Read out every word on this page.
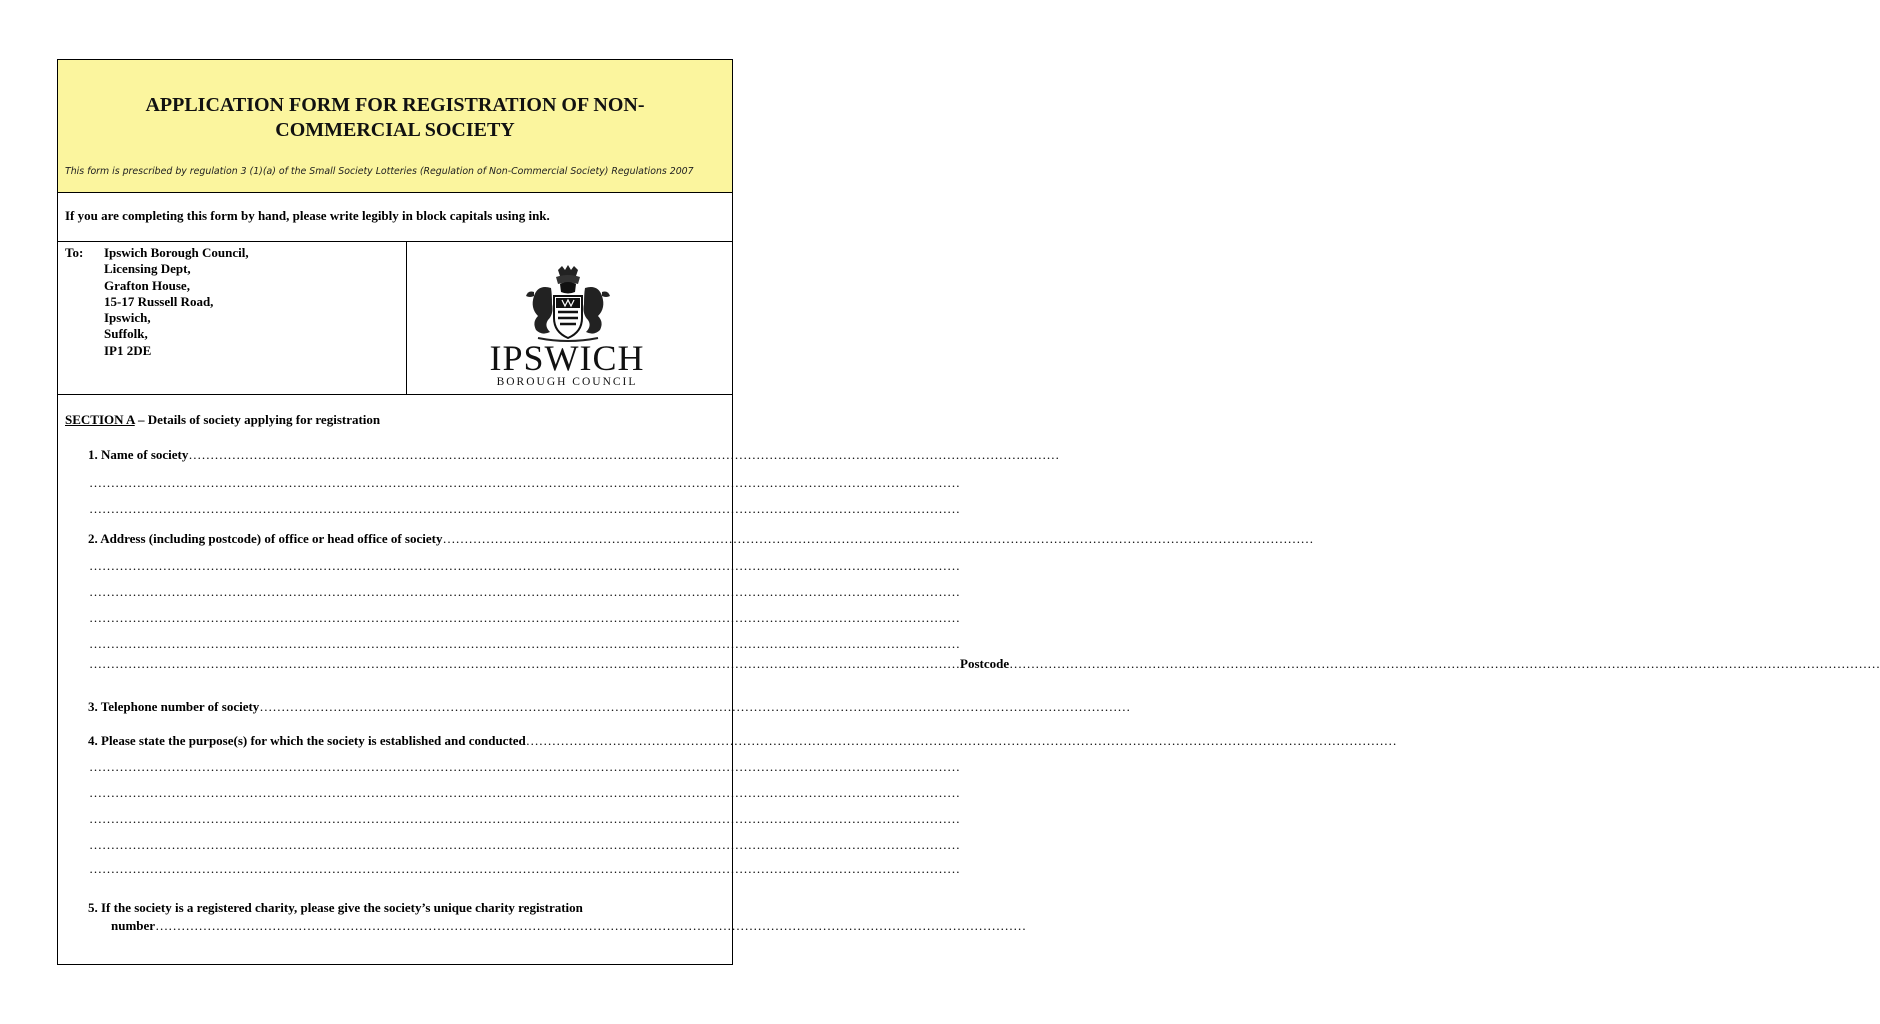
APPLICATION FORM FOR REGISTRATION OF NON-COMMERCIAL SOCIETY
This form is prescribed by regulation 3 (1)(a) of the Small Society Lotteries (Regulation of Non-Commercial Society) Regulations 2007
If you are completing this form by hand, please write legibly in block capitals using ink.
To: Ipswich Borough Council,
Licensing Dept,
Grafton House,
15-17 Russell Road,
Ipswich,
Suffolk,
IP1 2DE	IPSWICH
BOROUGH COUNCIL
SECTION A – Details of society applying for registration
1. Name of society …………………………………………………………………………………………………………………………………………………………………………………
…………………………………………………………………………………………………………………………………………………………………………………
…………………………………………………………………………………………………………………………………………………………………………………
2. Address (including postcode) of office or head office of society …………………………………………………………………………………………………………………………………………………………………………………
…………………………………………………………………………………………………………………………………………………………………………………
…………………………………………………………………………………………………………………………………………………………………………………
…………………………………………………………………………………………………………………………………………………………………………………
…………………………………………………………………………………………………………………………………………………………………………………
………………………………………………………………………………………………………………………………………………………………………………… Postcode …………………………………………………………………………………………………………………………………………………………………………………
3. Telephone number of society …………………………………………………………………………………………………………………………………………………………………………………
4. Please state the purpose(s) for which the society is established and conducted …………………………………………………………………………………………………………………………………………………………………………………
…………………………………………………………………………………………………………………………………………………………………………………
…………………………………………………………………………………………………………………………………………………………………………………
…………………………………………………………………………………………………………………………………………………………………………………
…………………………………………………………………………………………………………………………………………………………………………………
…………………………………………………………………………………………………………………………………………………………………………………
5. If the society is a registered charity, please give the society’s unique charity registration
number …………………………………………………………………………………………………………………………………………………………………………………
